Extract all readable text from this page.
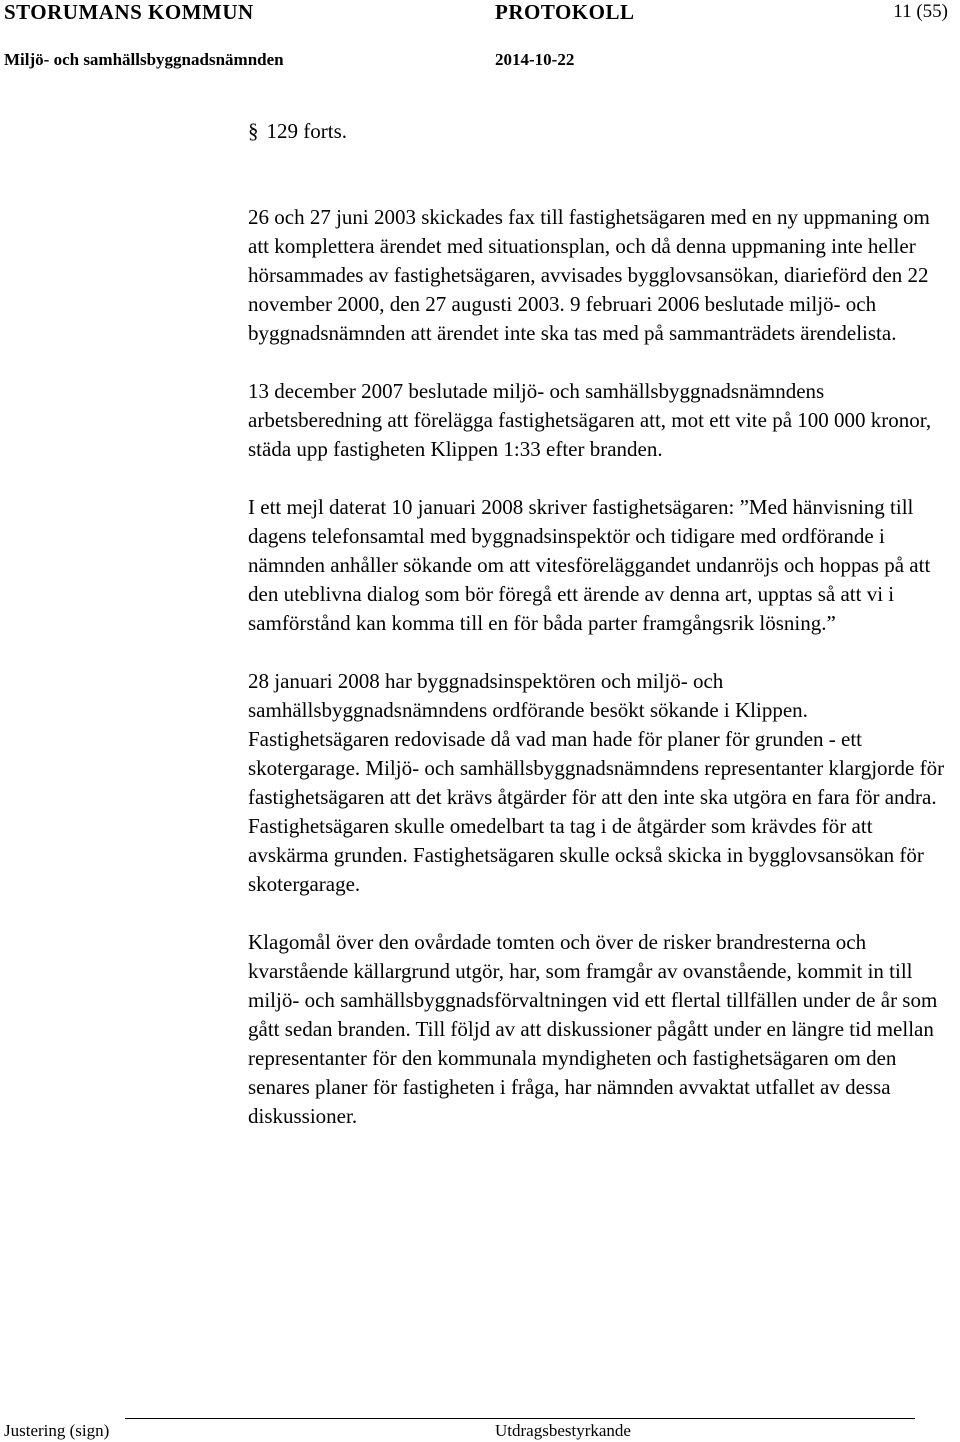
STORUMANS KOMMUN	PROTOKOLL	11 (55)
Miljö- och samhällsbyggnadsnämnden	2014-10-22
§ 129 forts.

26 och 27 juni 2003 skickades fax till fastighetsägaren med en ny uppmaning om att komplettera ärendet med situationsplan, och då denna uppmaning inte heller hörsammades av fastighetsägaren, avvisades bygglovsansökan, diarieförd den 22 november 2000, den 27 augusti 2003. 9 februari 2006 beslutade miljö- och byggnadsnämnden att ärendet inte ska tas med på sammanträdets ärendelista.

13 december 2007 beslutade miljö- och samhällsbyggnadsnämndens arbetsberedning att förelägga fastighetsägaren att, mot ett vite på 100 000 kronor, städa upp fastigheten Klippen 1:33 efter branden.

I ett mejl daterat 10 januari 2008 skriver fastighetsägaren: ”Med hänvisning till dagens telefonsamtal med byggnadsinspektör och tidigare med ordförande i nämnden anhåller sökande om att vitesföreläggandet undanröjs och hoppas på att den uteblivna dialog som bör föregå ett ärende av denna art, upptas så att vi i samförstånd kan komma till en för båda parter framgångsrik lösning.”

28 januari 2008 har byggnadsinspektören och miljö- och samhällsbyggnadsnämndens ordförande besökt sökande i Klippen. Fastighetsägaren redovisade då vad man hade för planer för grunden - ett skotergarage. Miljö- och samhällsbyggnadsnämndens representanter klargjorde för fastighetsägaren att det krävs åtgärder för att den inte ska utgöra en fara för andra. Fastighetsägaren skulle omedelbart ta tag i de åtgärder som krävdes för att avskärma grunden. Fastighetsägaren skulle också skicka in bygglovsansökan för skotergarage.

Klagomål över den ovårdade tomten och över de risker brandresterna och kvarstående källargrund utgör, har, som framgår av ovanstående, kommit in till miljö- och samhällsbyggnadsförvaltningen vid ett flertal tillfällen under de år som gått sedan branden. Till följd av att diskussioner pågått under en längre tid mellan representanter för den kommunala myndigheten och fastighetsägaren om den senares planer för fastigheten i fråga, har nämnden avvaktat utfallet av dessa diskussioner.

Justering (sign)	Utdragsbestyrkande
